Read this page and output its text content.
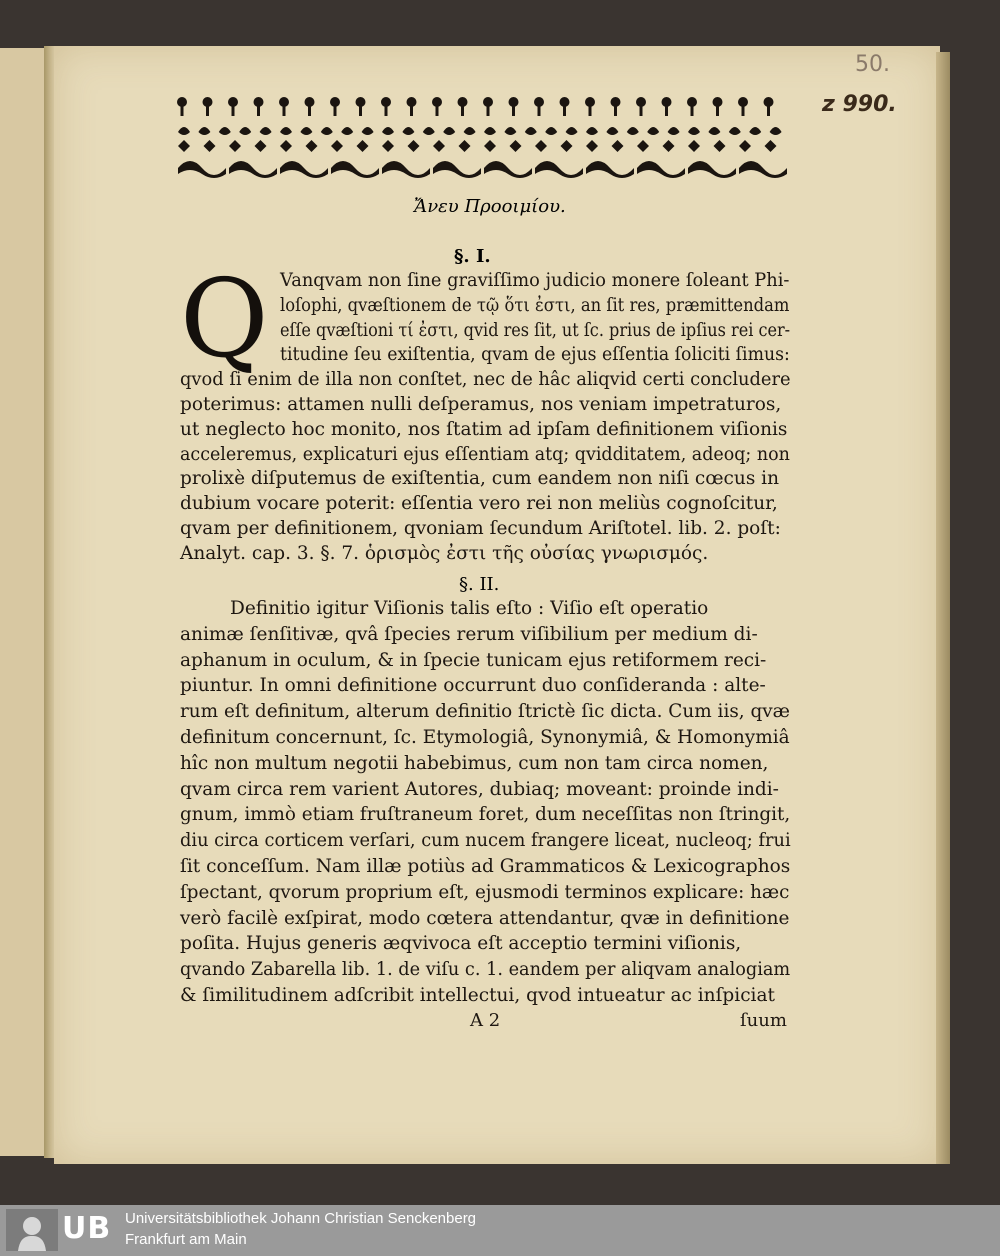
50.
z 990.
Ἄνευ Προοιμίου.
§. I.
Q Vanqvam non ſine graviſſimo judicio monere ſoleant Phi-
loſophi, qvæſtionem de τῷ ὅτι ἐστι, an ſit res, præmittendam
eſſe qvæſtioni τί ἐστι, qvid res ſit, ut ſc. prius de ipſius rei cer-
titudine ſeu exiſtentia, qvam de ejus eſſentia ſoliciti ſimus:
qvod ſi enim de illa non conſtet, nec de hâc aliqvid certi concludere
poterimus: attamen nulli deſperamus, nos veniam impetraturos,
ut neglecto hoc monito, nos ſtatim ad ipſam definitionem viſionis
acceleremus, explicaturi ejus eſſentiam atq; qvidditatem, adeoq; non
prolixè diſputemus de exiſtentia, cum eandem non niſi cœcus in
dubium vocare poterit: eſſentia vero rei non meliùs cognoſcitur,
qvam per definitionem, qvoniam ſecundum Ariſtotel. lib. 2. poſt:
Analyt. cap. 3. §. 7. ὁρισμὸς ἐστι τῆς οὐσίας γνωρισμός.
§. II.
Definitio igitur Viſionis talis eſto : Viſio eſt operatio
animæ ſenſitivæ, qvâ ſpecies rerum viſibilium per medium di-
aphanum in oculum, & in ſpecie tunicam ejus retiformem reci-
piuntur. In omni definitione occurrunt duo conſideranda : alte-
rum eſt definitum, alterum definitio ſtrictè ſic dicta. Cum iis, qvæ
definitum concernunt, ſc. Etymologiâ, Synonymiâ, & Homonymiâ
hîc non multum negotii habebimus, cum non tam circa nomen,
qvam circa rem varient Autores, dubiaq; moveant: proinde indi-
gnum, immò etiam fruſtraneum foret, dum neceſſitas non ſtringit,
diu circa corticem verſari, cum nucem frangere liceat, nucleoq; frui
ſit conceſſum. Nam illæ potiùs ad Grammaticos & Lexicographos
ſpectant, qvorum proprium eſt, ejusmodi terminos explicare: hæc
verò facilè exſpirat, modo cœtera attendantur, qvæ in definitione
poſita. Hujus generis æqvivoca eſt acceptio termini viſionis,
qvando Zabarella lib. 1. de viſu c. 1. eandem per aliqvam analogiam
& ſimilitudinem adſcribit intellectui, qvod intueatur ac inſpiciat
A 2	ſuum
UB Universitätsbibliothek Johann Christian Senckenberg
Frankfurt am Main
